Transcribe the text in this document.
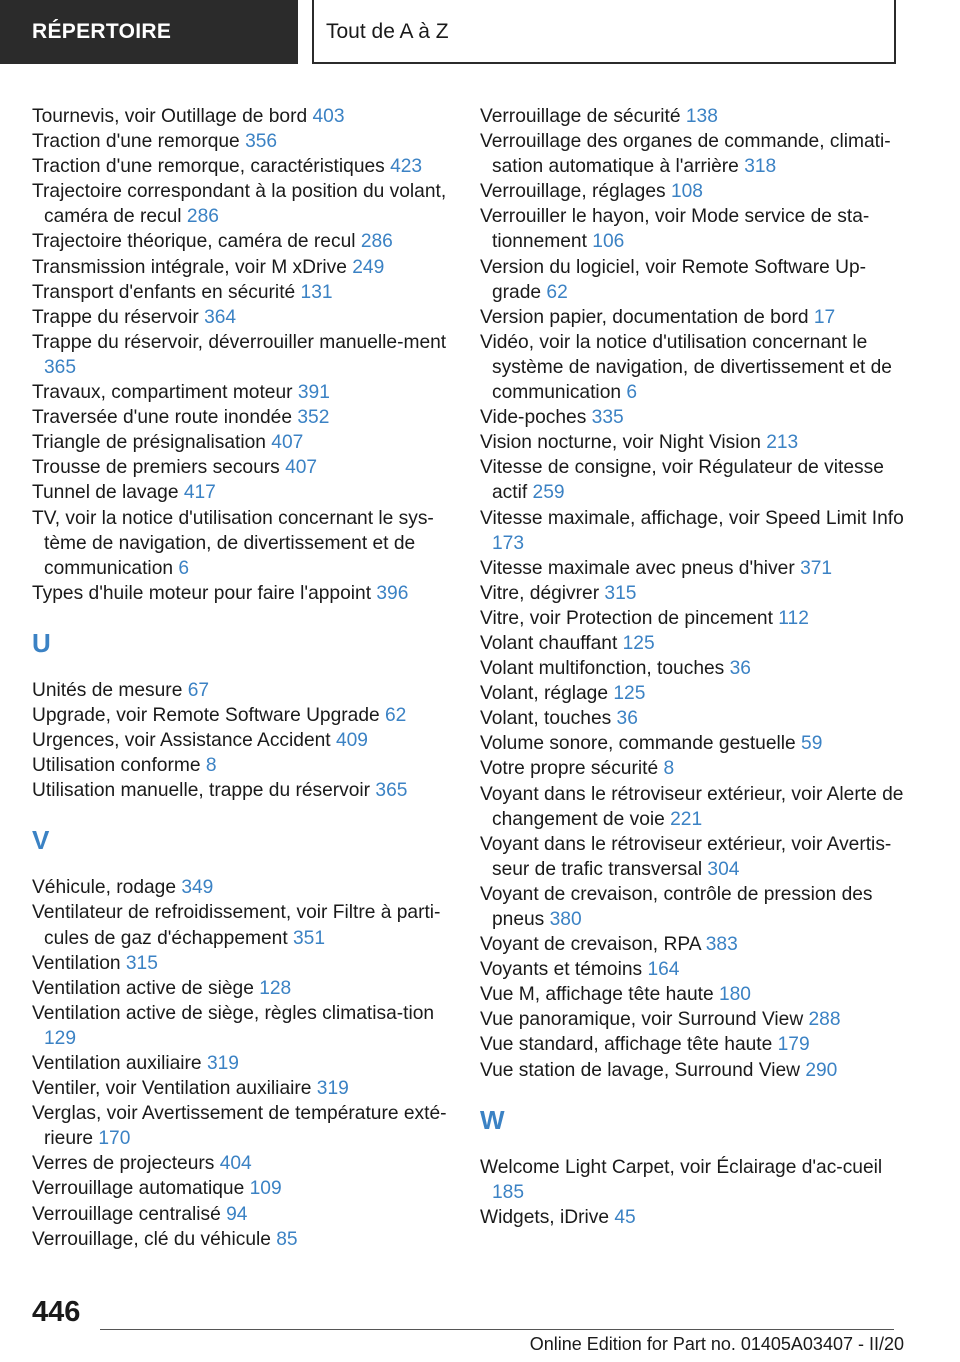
RÉPERTOIRE	Tout de A à Z

Tournevis, voir Outillage de bord 403

Traction d'une remorque 356

Traction d'une remorque, caractéristiques 423

Trajectoire correspondant à la position du volant, caméra de recul 286

Trajectoire théorique, caméra de recul 286

Transmission intégrale, voir M xDrive 249

Transport d'enfants en sécurité 131

Trappe du réservoir 364

Trappe du réservoir, déverrouiller manuelle-ment 365

Travaux, compartiment moteur 391

Traversée d'une route inondée 352

Triangle de présignalisation 407

Trousse de premiers secours 407

Tunnel de lavage 417

TV, voir la notice d'utilisation concernant le sys-tème de navigation, de divertissement et de communication 6

Types d'huile moteur pour faire l'appoint 396

U

Unités de mesure 67

Upgrade, voir Remote Software Upgrade 62

Urgences, voir Assistance Accident 409

Utilisation conforme 8

Utilisation manuelle, trappe du réservoir 365

V

Véhicule, rodage 349

Ventilateur de refroidissement, voir Filtre à parti-cules de gaz d'échappement 351

Ventilation 315

Ventilation active de siège 128

Ventilation active de siège, règles climatisa-tion 129

Ventilation auxiliaire 319

Ventiler, voir Ventilation auxiliaire 319

Verglas, voir Avertissement de température exté-rieure 170

Verres de projecteurs 404

Verrouillage automatique 109

Verrouillage centralisé 94

Verrouillage, clé du véhicule 85

Verrouillage de sécurité 138

Verrouillage des organes de commande, climati-sation automatique à l'arrière 318

Verrouillage, réglages 108

Verrouiller le hayon, voir Mode service de sta-tionnement 106

Version du logiciel, voir Remote Software Up-grade 62

Version papier, documentation de bord 17

Vidéo, voir la notice d'utilisation concernant le système de navigation, de divertissement et de communication 6

Vide-poches 335

Vision nocturne, voir Night Vision 213

Vitesse de consigne, voir Régulateur de vitesse actif 259

Vitesse maximale, affichage, voir Speed Limit Info 173

Vitesse maximale avec pneus d'hiver 371

Vitre, dégivrer 315

Vitre, voir Protection de pincement 112

Volant chauffant 125

Volant multifonction, touches 36

Volant, réglage 125

Volant, touches 36

Volume sonore, commande gestuelle 59

Votre propre sécurité 8

Voyant dans le rétroviseur extérieur, voir Alerte de changement de voie 221

Voyant dans le rétroviseur extérieur, voir Avertis-seur de trafic transversal 304

Voyant de crevaison, contrôle de pression des pneus 380

Voyant de crevaison, RPA 383

Voyants et témoins 164

Vue M, affichage tête haute 180

Vue panoramique, voir Surround View 288

Vue standard, affichage tête haute 179

Vue station de lavage, Surround View 290

W

Welcome Light Carpet, voir Éclairage d'ac-cueil 185

Widgets, iDrive 45

446
Online Edition for Part no. 01405A03407 - II/20
